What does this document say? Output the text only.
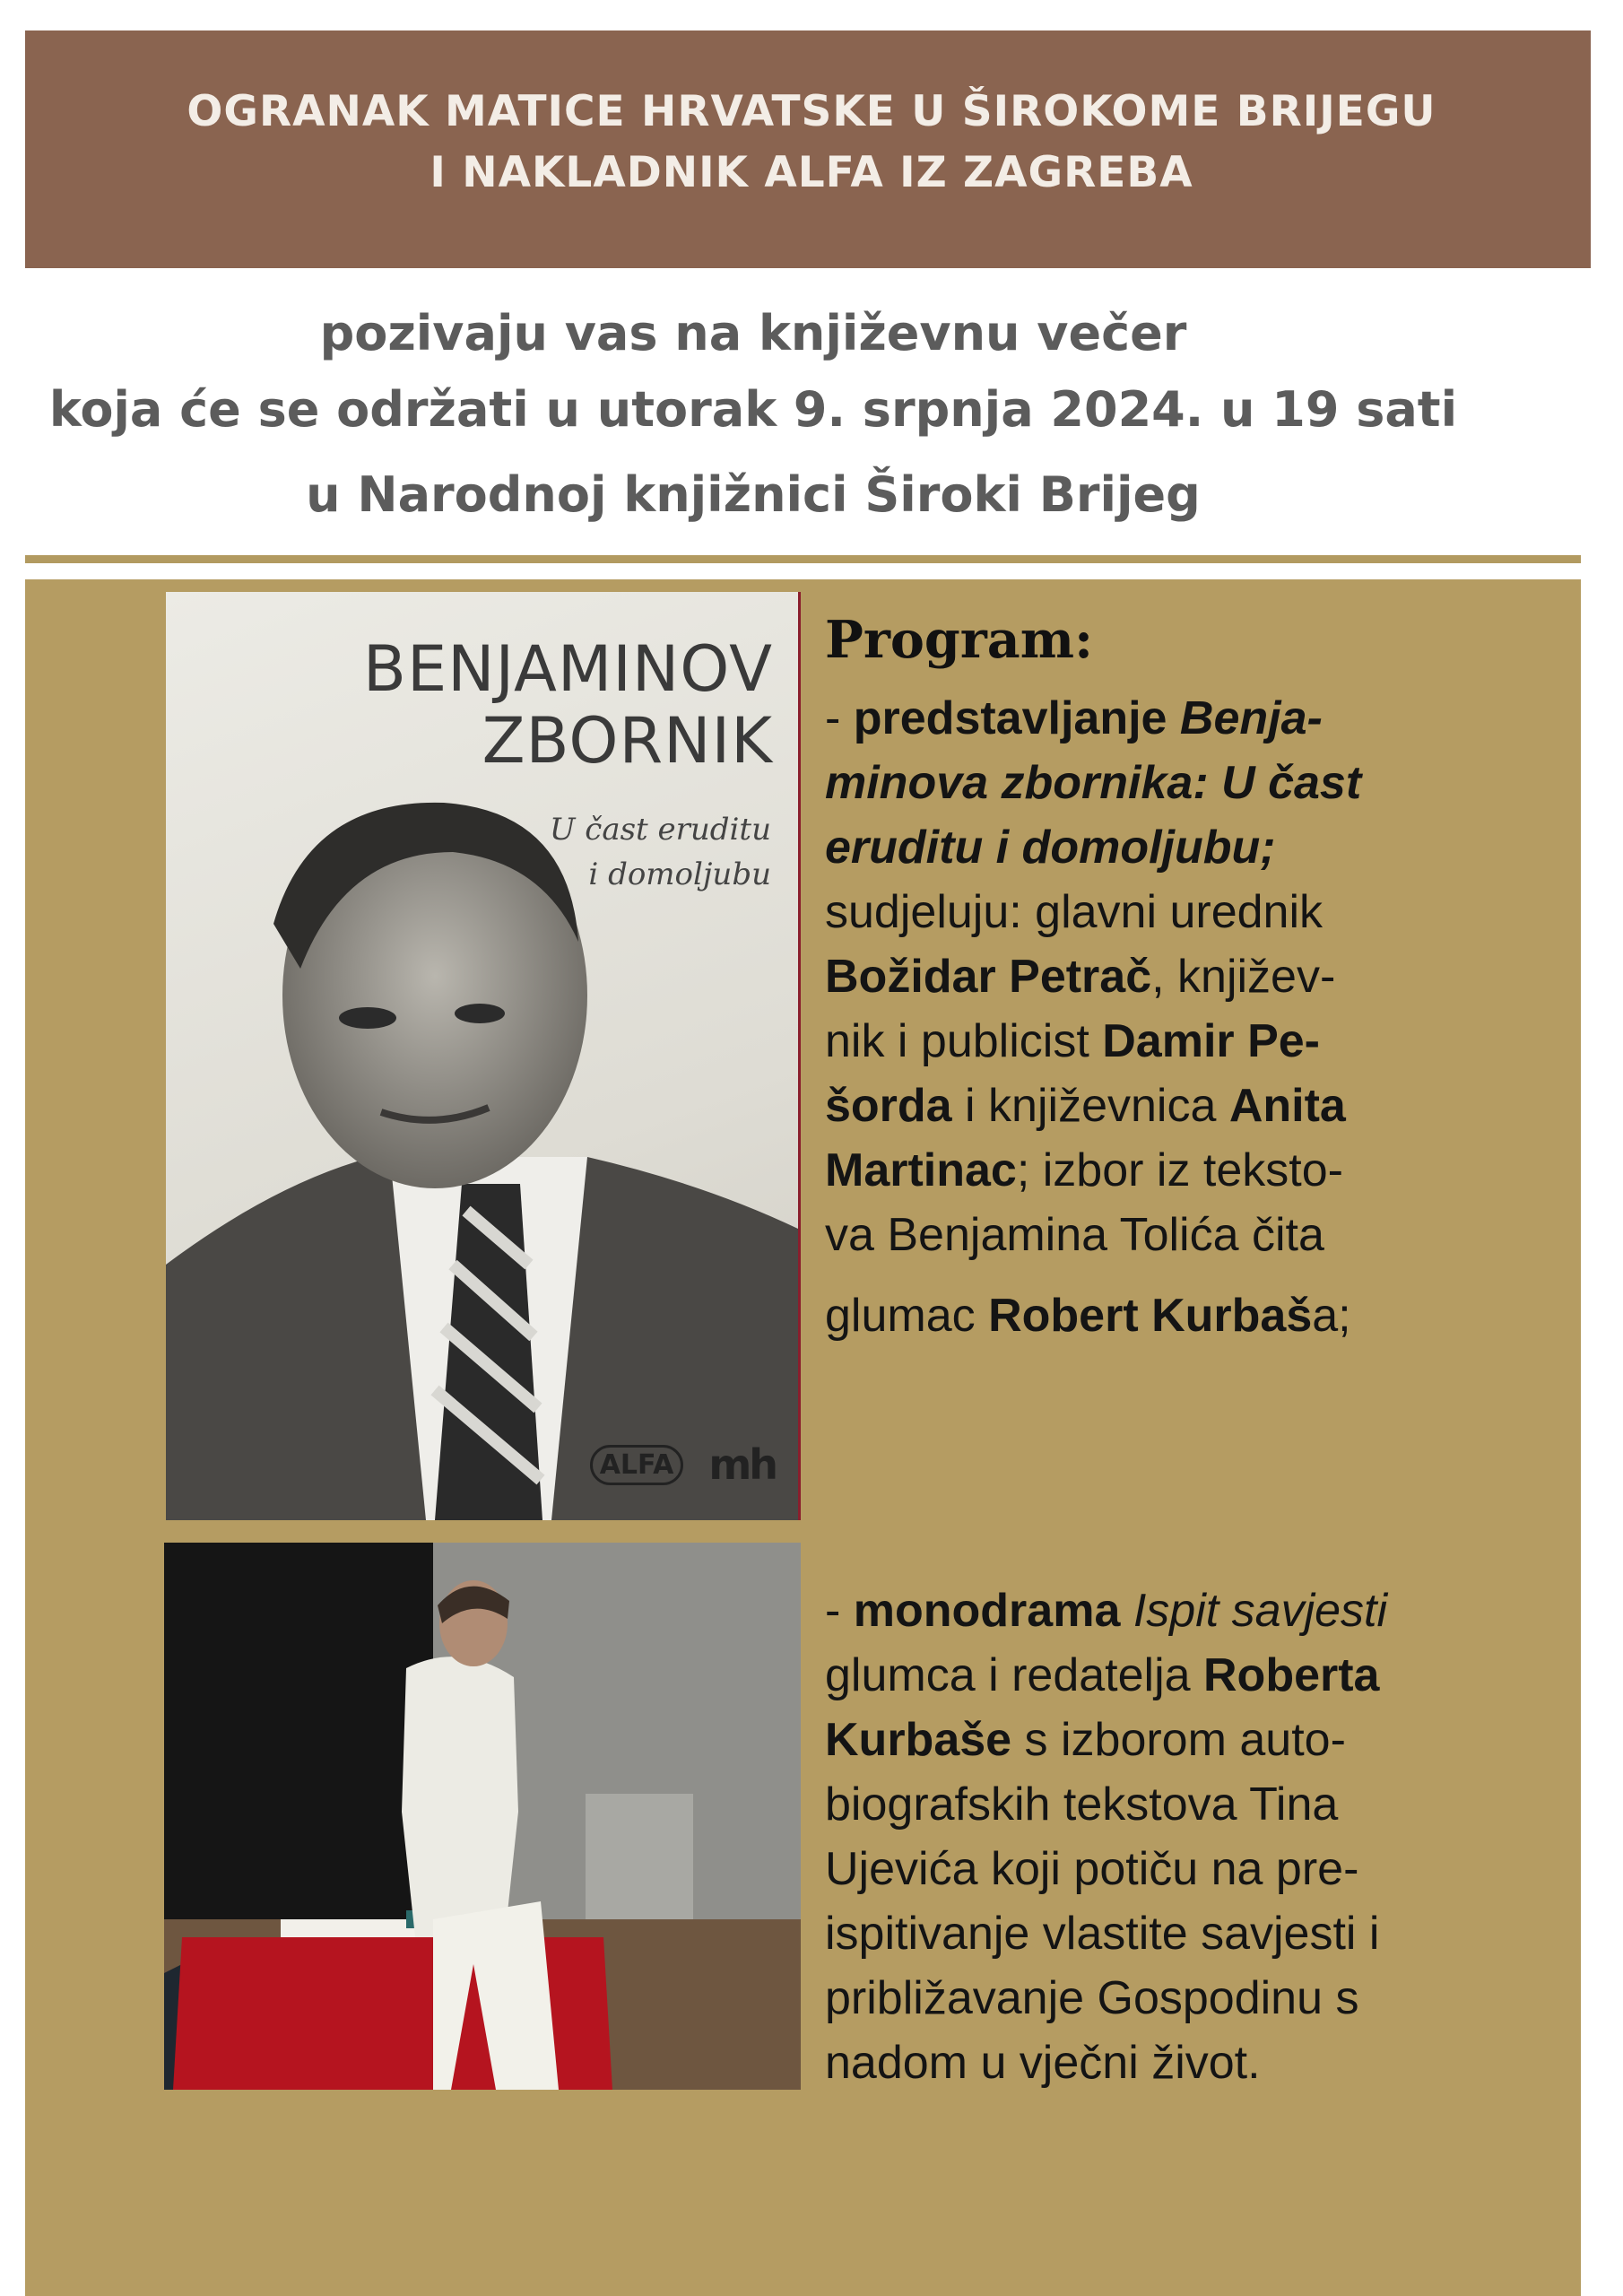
OGRANAK MATICE HRVATSKE U ŠIROKOME BRIJEGU
I NAKLADNIK ALFA IZ ZAGREBA
pozivaju vas na književnu večer
koja će se održati u utorak 9. srpnja 2024. u 19 sati
u Narodnoj knjižnici Široki Brijeg
BENJAMINOV
ZBORNIK
U čast eruditu
i domoljubu
ALFA mh
Program:
- predstavljanje Benja-
minova zbornika: U čast
eruditu i domoljubu;
sudjeluju: glavni urednik
Božidar Petrač, književ-
nik i publicist Damir Pe-
šorda i književnica Anita
Martinac; izbor iz teksto-
va Benjamina Tolića čita
glumac Robert Kurbaša;
- monodrama Ispit savjesti
glumca i redatelja Roberta
Kurbaše s izborom auto-
biografskih tekstova Tina
Ujevića koji potiču na pre-
ispitivanje vlastite savjesti i
približavanje Gospodinu s
nadom u vječni život.
